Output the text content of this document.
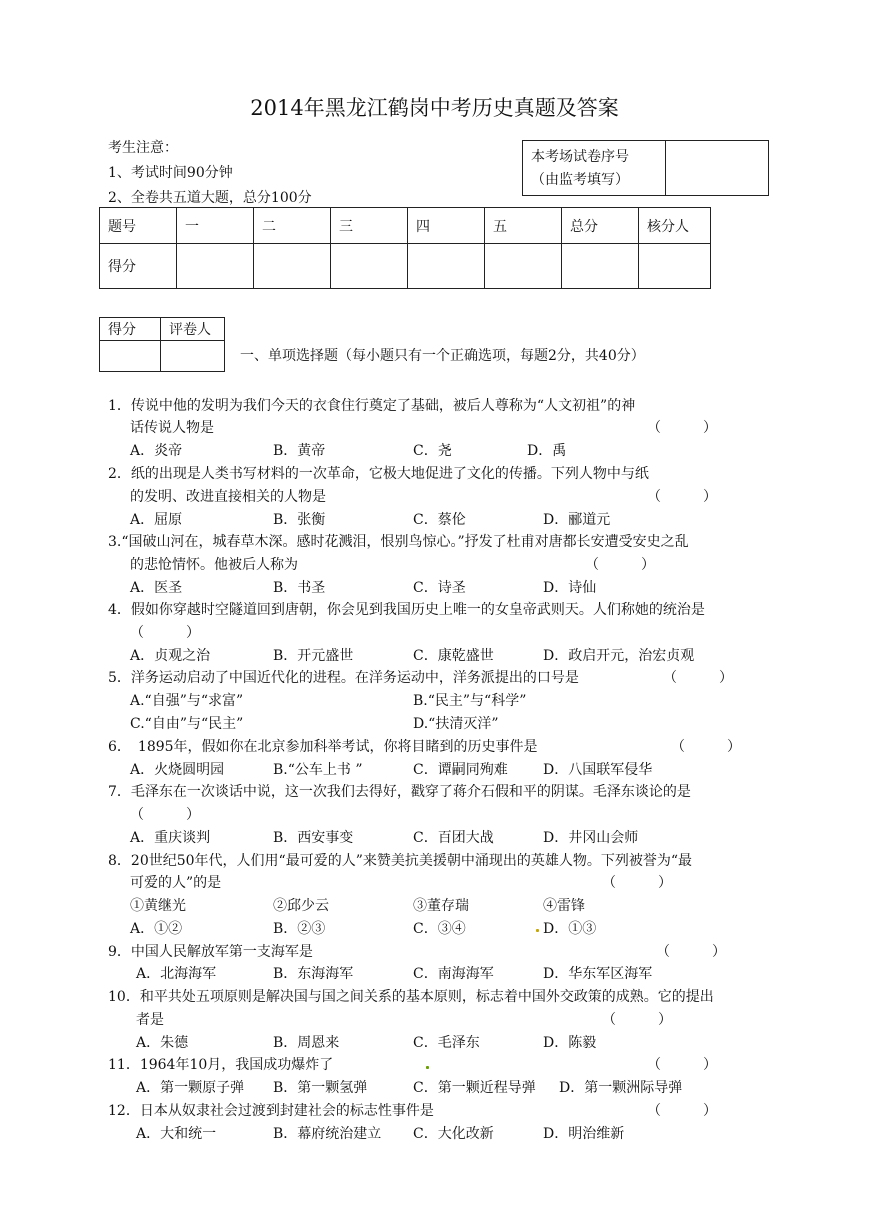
2014年黑龙江鹤岗中考历史真题及答案
考生注意：
1、考试时间90分钟
2、全卷共五道大题，总分100分
本考场试卷序号
（由监考填写）

题号	一	二	三	四	五	总分	核分人
得分							
得分	评卷人

一、单项选择题（每小题只有一个正确选项，每题2分，共40分）
1．传说中他的发明为我们今天的衣食住行奠定了基础，被后人尊称为“人文初祖”的神
话传说人物是	（　　　）
A．炎帝	B．黄帝	C．尧	D．禹
2．纸的出现是人类书写材料的一次革命，它极大地促进了文化的传播。下列人物中与纸
的发明、改进直接相关的人物是	（　　　）
A．屈原	B．张衡	C．蔡伦	D．郦道元
3.“国破山河在，城春草木深。感时花溅泪，恨别鸟惊心。”抒发了杜甫对唐都长安遭受安史之乱
的悲怆情怀。他被后人称为	（　　　）
A．医圣	B．书圣	C．诗圣	D．诗仙
4．假如你穿越时空隧道回到唐朝，你会见到我国历史上唯一的女皇帝武则天。人们称她的统治是
（　　　）
A．贞观之治	B．开元盛世	C．康乾盛世	D．政启开元，治宏贞观
5．洋务运动启动了中国近代化的进程。在洋务运动中，洋务派提出的口号是	（　　　）
A.“自强”与“求富”	B.“民主”与“科学”
C.“自由”与“民主”	D.“扶清灭洋”
6．　1895年，假如你在北京参加科举考试，你将目睹到的历史事件是	（　　　）
A．火烧圆明园	B.“公车上书 ”	C．谭嗣同殉难	D．八国联军侵华
7．毛泽东在一次谈话中说，这一次我们去得好，戳穿了蒋介石假和平的阴谋。毛泽东谈论的是
（　　　）
A．重庆谈判	B．西安事变	C．百团大战	D．井冈山会师
8．20世纪50年代，人们用“最可爱的人”来赞美抗美援朝中涌现出的英雄人物。下列被誉为“最
可爱的人”的是	（　　　）
①黄继光	②邱少云	③董存瑞	④雷锋
A．①②	B．②③	C．③④	D．①③
9．中国人民解放军第一支海军是	（　　　）
A．北海海军	B．东海海军	C．南海海军	D．华东军区海军
10．和平共处五项原则是解决国与国之间关系的基本原则，标志着中国外交政策的成熟。它的提出
者是	（　　　）
A．朱德	B．周恩来	C．毛泽东	D．陈毅
11．1964年10月，我国成功爆炸了	（　　　）
A．第一颗原子弹 B．第一颗氢弹	C．第一颗近程导弹 D．第一颗洲际导弹
12．日本从奴隶社会过渡到封建社会的标志性事件是	（　　　）
A．大和统一	B．幕府统治建立 C．大化改新	D．明治维新
